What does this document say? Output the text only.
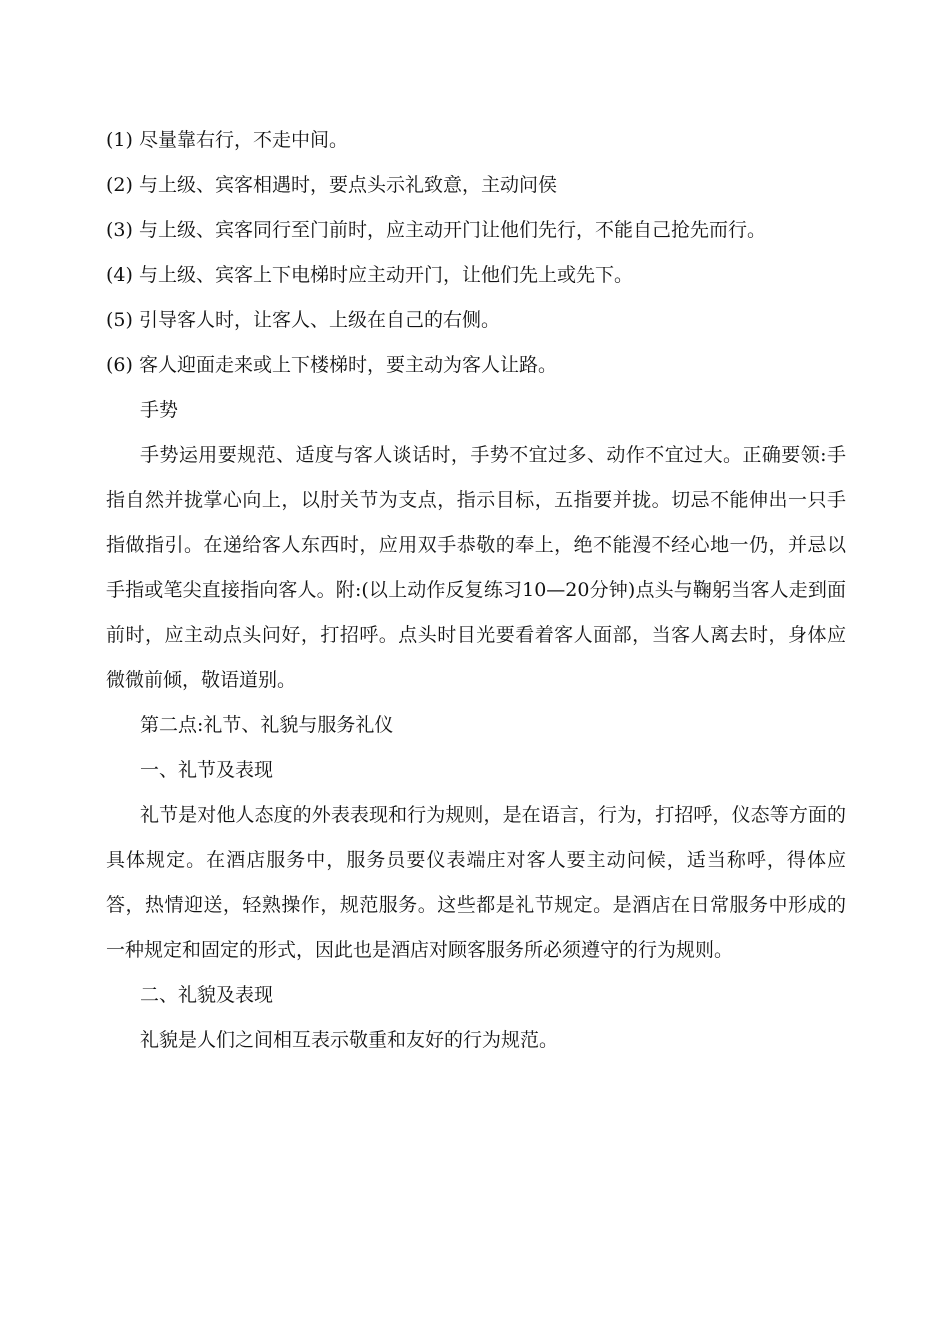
(1) 尽量靠右行，不走中间。
(2) 与上级、宾客相遇时，要点头示礼致意，主动问侯
(3) 与上级、宾客同行至门前时，应主动开门让他们先行，不能自己抢先而行。
(4) 与上级、宾客上下电梯时应主动开门，让他们先上或先下。
(5) 引导客人时，让客人、上级在自己的右侧。
(6) 客人迎面走来或上下楼梯时，要主动为客人让路。
手势
手势运用要规范、适度与客人谈话时，手势不宜过多、动作不宜过大。正确要领:手指自然并拢掌心向上，以肘关节为支点，指示目标，五指要并拢。切忌不能伸出一只手指做指引。在递给客人东西时，应用双手恭敬的奉上，绝不能漫不经心地一仍，并忌以手指或笔尖直接指向客人。附:(以上动作反复练习10—20分钟)点头与鞠躬当客人走到面前时，应主动点头问好，打招呼。点头时目光要看着客人面部，当客人离去时，身体应微微前倾，敬语道别。
第二点:礼节、礼貌与服务礼仪
一、礼节及表现
礼节是对他人态度的外表表现和行为规则，是在语言，行为，打招呼，仪态等方面的具体规定。在酒店服务中，服务员要仪表端庄对客人要主动问候，适当称呼，得体应答，热情迎送，轻熟操作，规范服务。这些都是礼节规定。是酒店在日常服务中形成的一种规定和固定的形式，因此也是酒店对顾客服务所必须遵守的行为规则。
二、礼貌及表现
礼貌是人们之间相互表示敬重和友好的行为规范。
